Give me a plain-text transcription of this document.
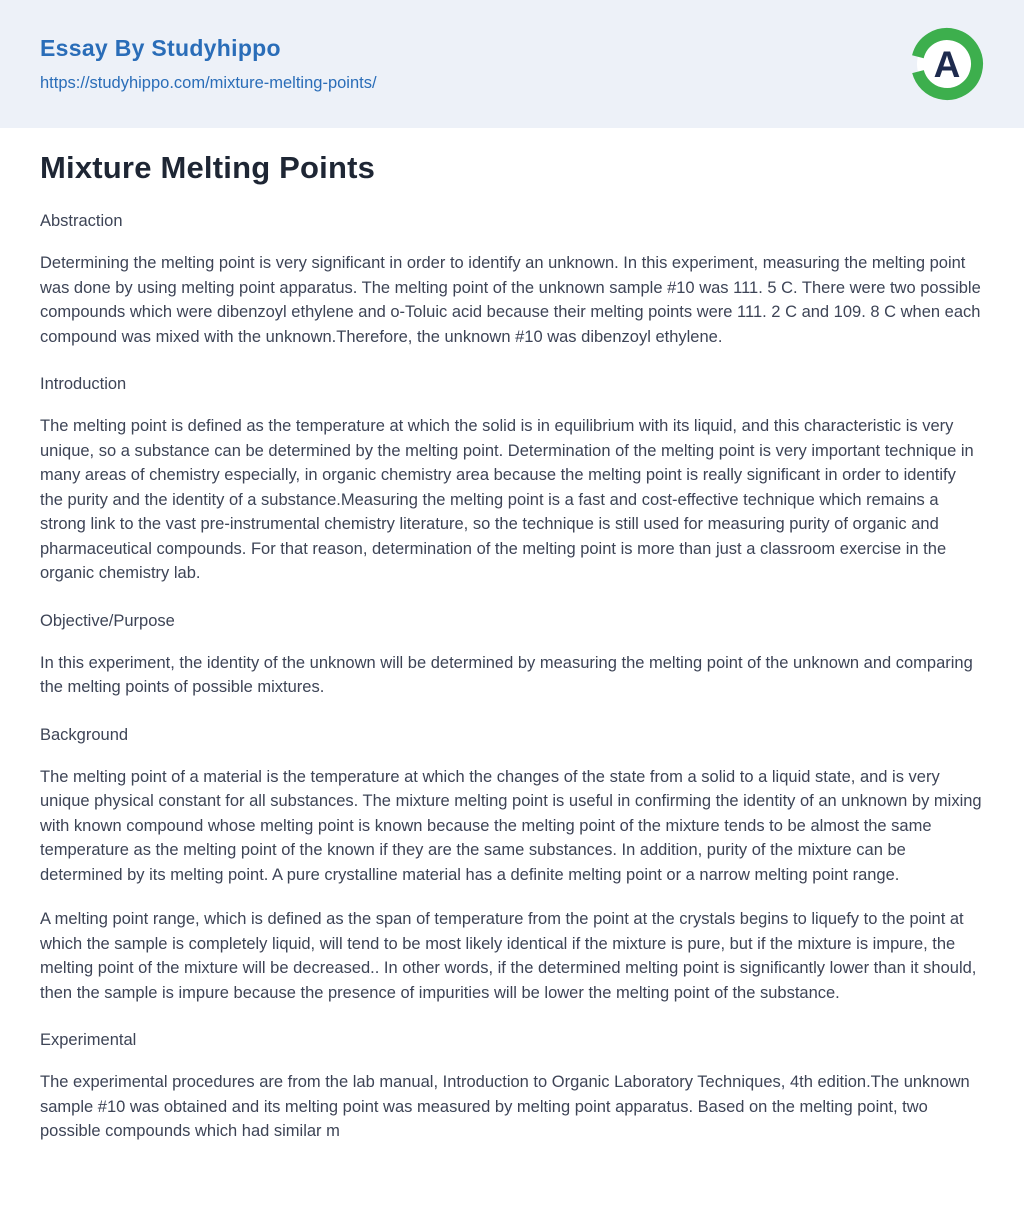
Essay By Studyhippo
https://studyhippo.com/mixture-melting-points/	A
Mixture Melting Points
Abstraction

Determining the melting point is very significant in order to identify an unknown. In this experiment, measuring the melting point was done by using melting point apparatus. The melting point of the unknown sample #10 was 111. 5 C. There were two possible compounds which were dibenzoyl ethylene and o-Toluic acid because their melting points were 111. 2 C and 109. 8 C when each compound was mixed with the unknown.Therefore, the unknown #10 was dibenzoyl ethylene.

Introduction

The melting point is defined as the temperature at which the solid is in equilibrium with its liquid, and this characteristic is very unique, so a substance can be determined by the melting point. Determination of the melting point is very important technique in many areas of chemistry especially, in organic chemistry area because the melting point is really significant in order to identify the purity and the identity of a substance.Measuring the melting point is a fast and cost-effective technique which remains a strong link to the vast pre-instrumental chemistry literature, so the technique is still used for measuring purity of organic and pharmaceutical compounds. For that reason, determination of the melting point is more than just a classroom exercise in the organic chemistry lab.

Objective/Purpose

In this experiment, the identity of the unknown will be determined by measuring the melting point of the unknown and comparing the melting points of possible mixtures.

Background

The melting point of a material is the temperature at which the changes of the state from a solid to a liquid state, and is very unique physical constant for all substances. The mixture melting point is useful in confirming the identity of an unknown by mixing with known compound whose melting point is known because the melting point of the mixture tends to be almost the same temperature as the melting point of the known if they are the same substances. In addition, purity of the mixture can be determined by its melting point. A pure crystalline material has a definite melting point or a narrow melting point range.

A melting point range, which is defined as the span of temperature from the point at the crystals begins to liquefy to the point at which the sample is completely liquid, will tend to be most likely identical if the mixture is pure, but if the mixture is impure, the melting point of the mixture will be decreased.. In other words, if the determined melting point is significantly lower than it should, then the sample is impure because the presence of impurities will be lower the melting point of the substance.

Experimental

The experimental procedures are from the lab manual, Introduction to Organic Laboratory Techniques, 4th edition.The unknown sample #10 was obtained and its melting point was measured by melting point apparatus. Based on the melting point, two possible compounds which had similar m
